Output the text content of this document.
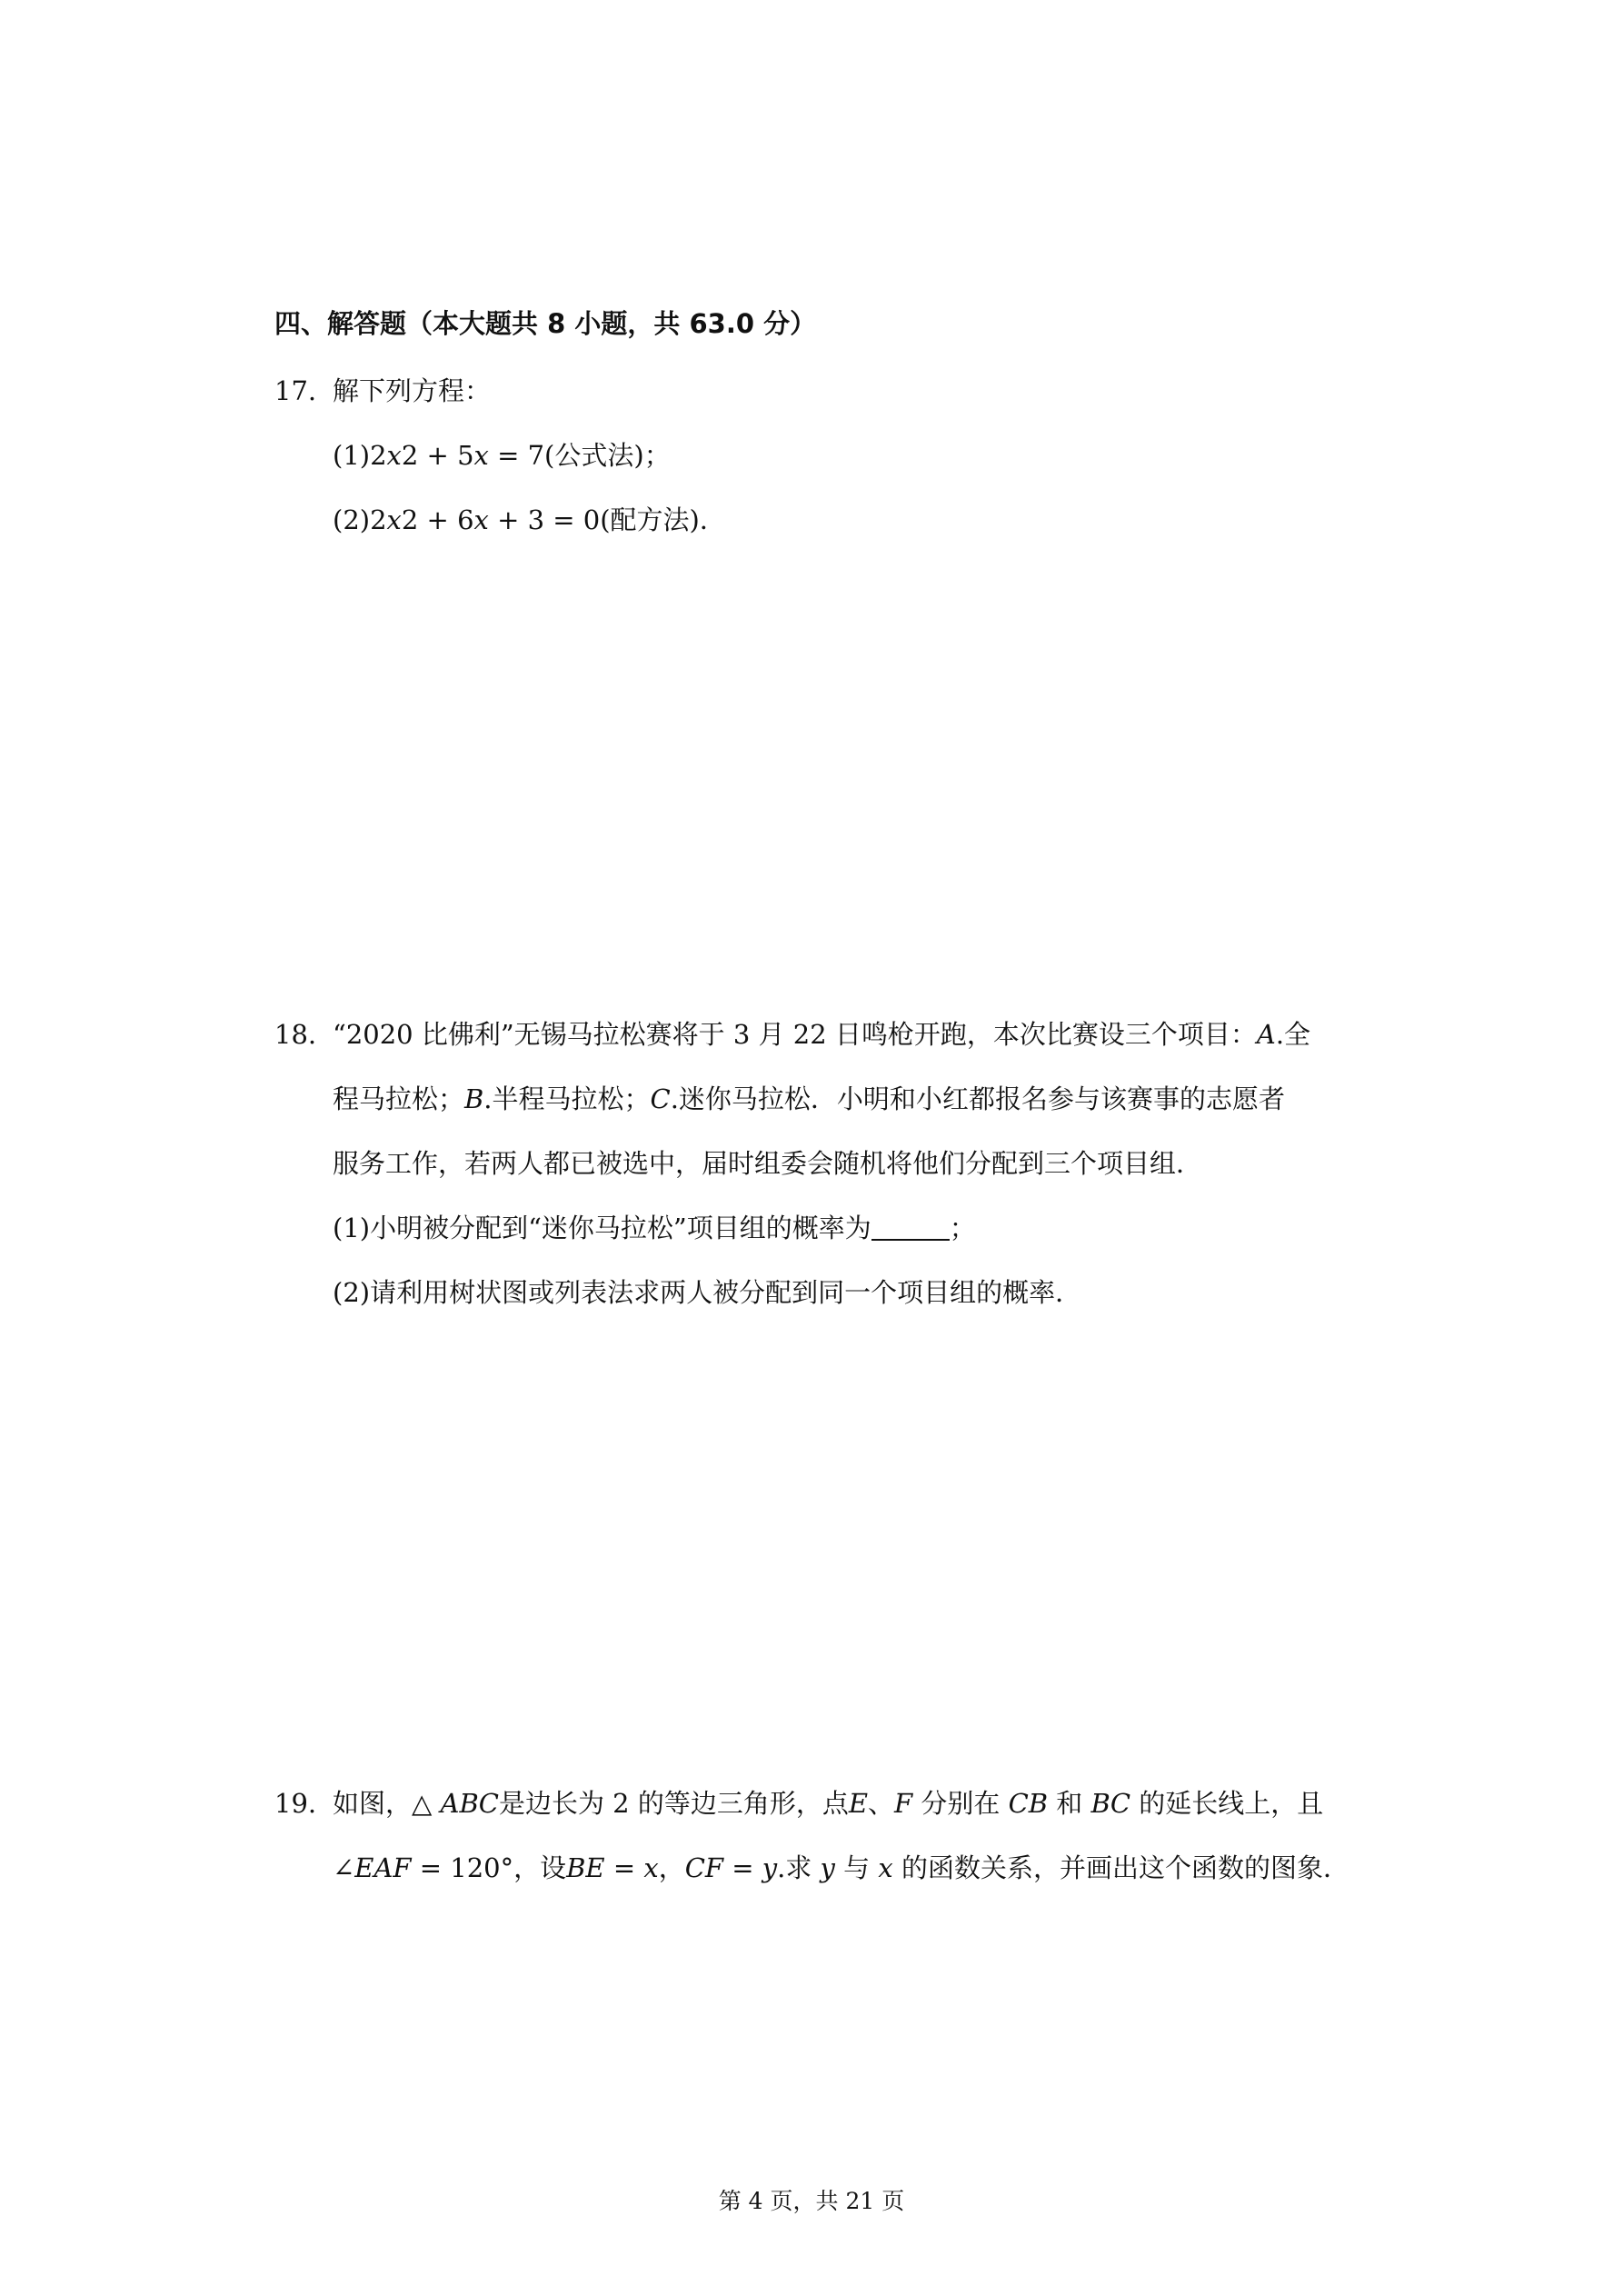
四、解答题（本大题共 8 小题，共 63.0 分）
17. 解下列方程：
(1)2𝑥2 + 5𝑥 = 7(公式法)；
(2)2𝑥2 + 6𝑥 + 3 = 0(配方法)．
18. “2020 比佛利”无锡马拉松赛将于 3 月 22 日鸣枪开跑，本次比赛设三个项目：𝐴.全
程马拉松；𝐵.半程马拉松；𝐶.迷你马拉松．小明和小红都报名参与该赛事的志愿者
服务工作，若两人都已被选中，届时组委会随机将他们分配到三个项目组．
(1)小明被分配到“迷你马拉松”项目组的概率为	；
(2)请利用树状图或列表法求两人被分配到同一个项目组的概率．
19. 如图，△ 𝐴𝐵𝐶是边长为 2 的等边三角形，点𝐸、𝐹 分别在 𝐶𝐵 和 𝐵𝐶 的延长线上，且
∠𝐸𝐴𝐹 = 120°，设𝐵𝐸 = 𝑥，𝐶𝐹 = 𝑦.求 𝑦 与 𝑥 的函数关系，并画出这个函数的图象．
第 4 页，共 21 页
